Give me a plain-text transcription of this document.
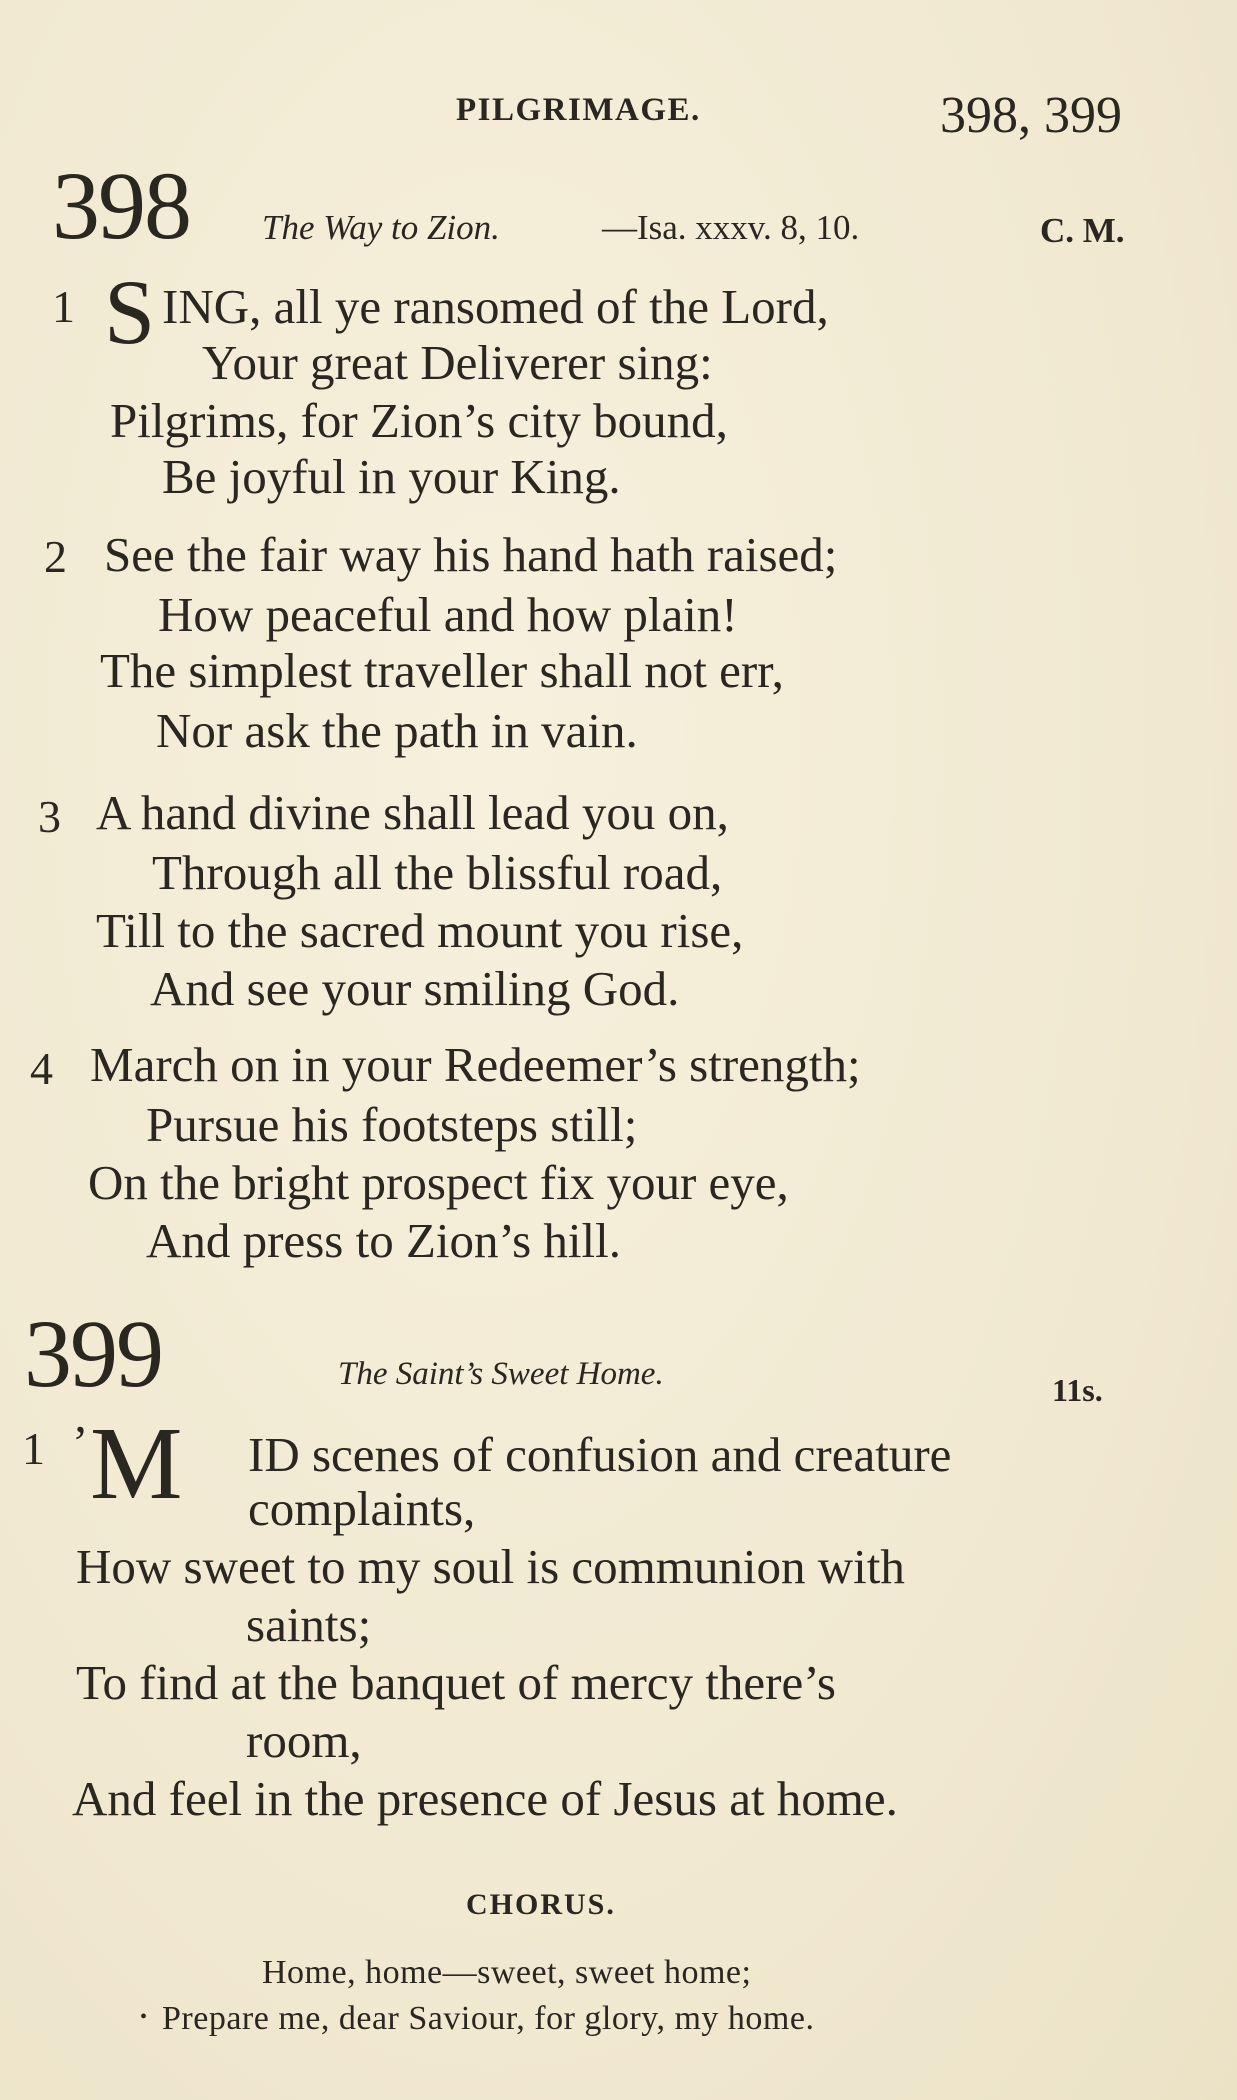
PILGRIMAGE.	398, 399
398 The Way to Zion.	—Isa. xxxv. 8, 10.	C. M.
1 S ING, all ye ransomed of the Lord,
Your great Deliverer sing:
Pilgrims, for Zion’s city bound,
Be joyful in your King.
2 See the fair way his hand hath raised;
How peaceful and how plain!
The simplest traveller shall not err,
Nor ask the path in vain.
3 A hand divine shall lead you on,
Through all the blissful road,
Till to the sacred mount you rise,
And see your smiling God.
4 March on in your Redeemer’s strength;
Pursue his footsteps still;
On the bright prospect fix your eye,
And press to Zion’s hill.
399	The Saint’s Sweet Home.	11s.
1 ’ M ID scenes of confusion and creature
complaints,
How sweet to my soul is communion with
saints;
To find at the banquet of mercy there’s
room,
And feel in the presence of Jesus at home.
CHORUS.
Home, home—sweet, sweet home;
• Prepare me, dear Saviour, for glory, my home.
